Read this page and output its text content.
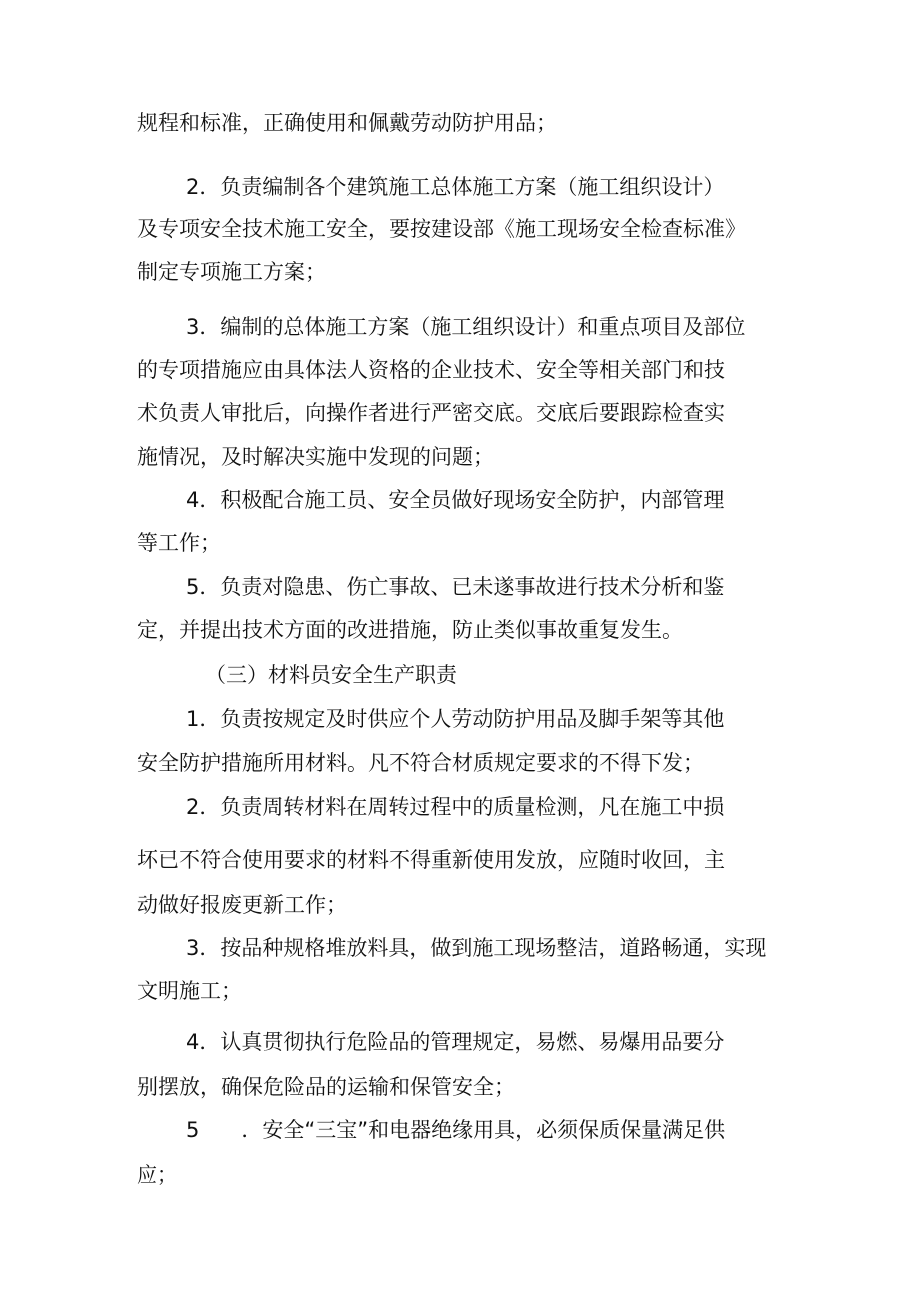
规程和标准，正确使用和佩戴劳动防护用品；
2．负责编制各个建筑施工总体施工方案（施工组织设计）
及专项安全技术施工安全，要按建设部《施工现场安全检查标准》
制定专项施工方案；
3．编制的总体施工方案（施工组织设计）和重点项目及部位
的专项措施应由具体法人资格的企业技术、安全等相关部门和技
术负责人审批后，向操作者进行严密交底。交底后要跟踪检查实
施情况，及时解决实施中发现的问题；
4．积极配合施工员、安全员做好现场安全防护，内部管理
等工作；
5．负责对隐患、伤亡事故、已未遂事故进行技术分析和鉴
定，并提出技术方面的改进措施，防止类似事故重复发生。
（三）材料员安全生产职责
1．负责按规定及时供应个人劳动防护用品及脚手架等其他
安全防护措施所用材料。凡不符合材质规定要求的不得下发；
2．负责周转材料在周转过程中的质量检测，凡在施工中损
坏已不符合使用要求的材料不得重新使用发放，应随时收回，主
动做好报废更新工作；
3．按品种规格堆放料具，做到施工现场整洁，道路畅通，实现
文明施工；
4．认真贯彻执行危险品的管理规定，易燃、易爆用品要分
别摆放，确保危险品的运输和保管安全；
5　　．安全“三宝”和电器绝缘用具，必须保质保量满足供
应；
